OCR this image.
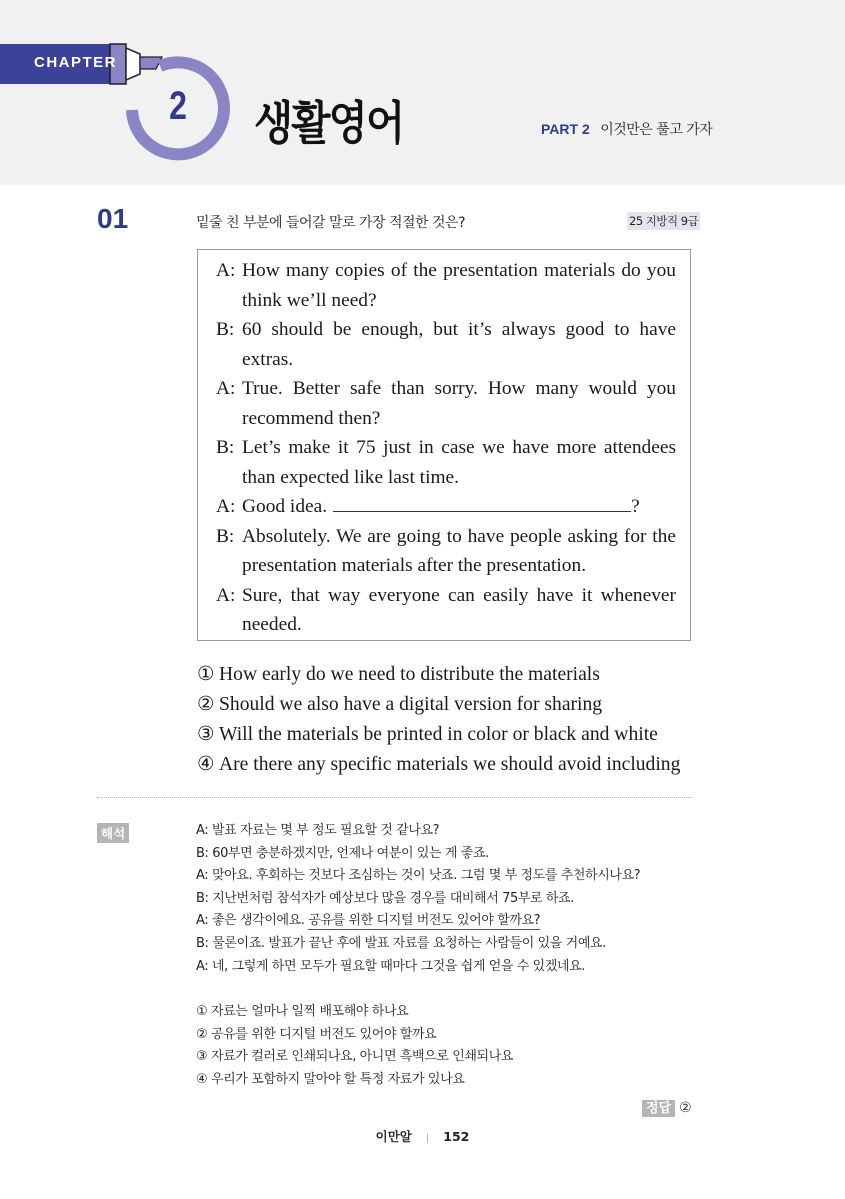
CHAPTER
2 생활영어	PART 2 이것만은 풀고 가자
01	밑줄 친 부분에 들어갈 말로 가장 적절한 것은?	25 지방직 9급
A: How many copies of the presentation materials do you think we’ll need?
B: 60 should be enough, but it’s always good to have extras.
A: True. Better safe than sorry. How many would you recommend then?
B: Let’s make it 75 just in case we have more attendees than expected like last time.
A: Good idea.	?
B: Absolutely. We are going to have people asking for the presentation materials after the presentation.
A: Sure, that way everyone can easily have it whenever needed.
① How early do we need to distribute the materials
② Should we also have a digital version for sharing
③ Will the materials be printed in color or black and white
④ Are there any specific materials we should avoid including
해석	A: 발표 자료는 몇 부 정도 필요할 것 같나요?
B: 60부면 충분하겠지만, 언제나 여분이 있는 게 좋죠.
A: 맞아요. 후회하는 것보다 조심하는 것이 낫죠. 그럼 몇 부 정도를 추천하시나요?
B: 지난번처럼 참석자가 예상보다 많을 경우를 대비해서 75부로 하죠.
A: 좋은 생각이에요. 공유를 위한 디지털 버전도 있어야 할까요?
B: 물론이죠. 발표가 끝난 후에 발표 자료를 요청하는 사람들이 있을 거예요.
A: 네, 그렇게 하면 모두가 필요할 때마다 그것을 쉽게 얻을 수 있겠네요.
① 자료는 얼마나 일찍 배포해야 하나요
② 공유를 위한 디지털 버전도 있어야 할까요
③ 자료가 컬러로 인쇄되나요, 아니면 흑백으로 인쇄되나요
④ 우리가 포함하지 말아야 할 특정 자료가 있나요
정답 ②
이만알 | 152
